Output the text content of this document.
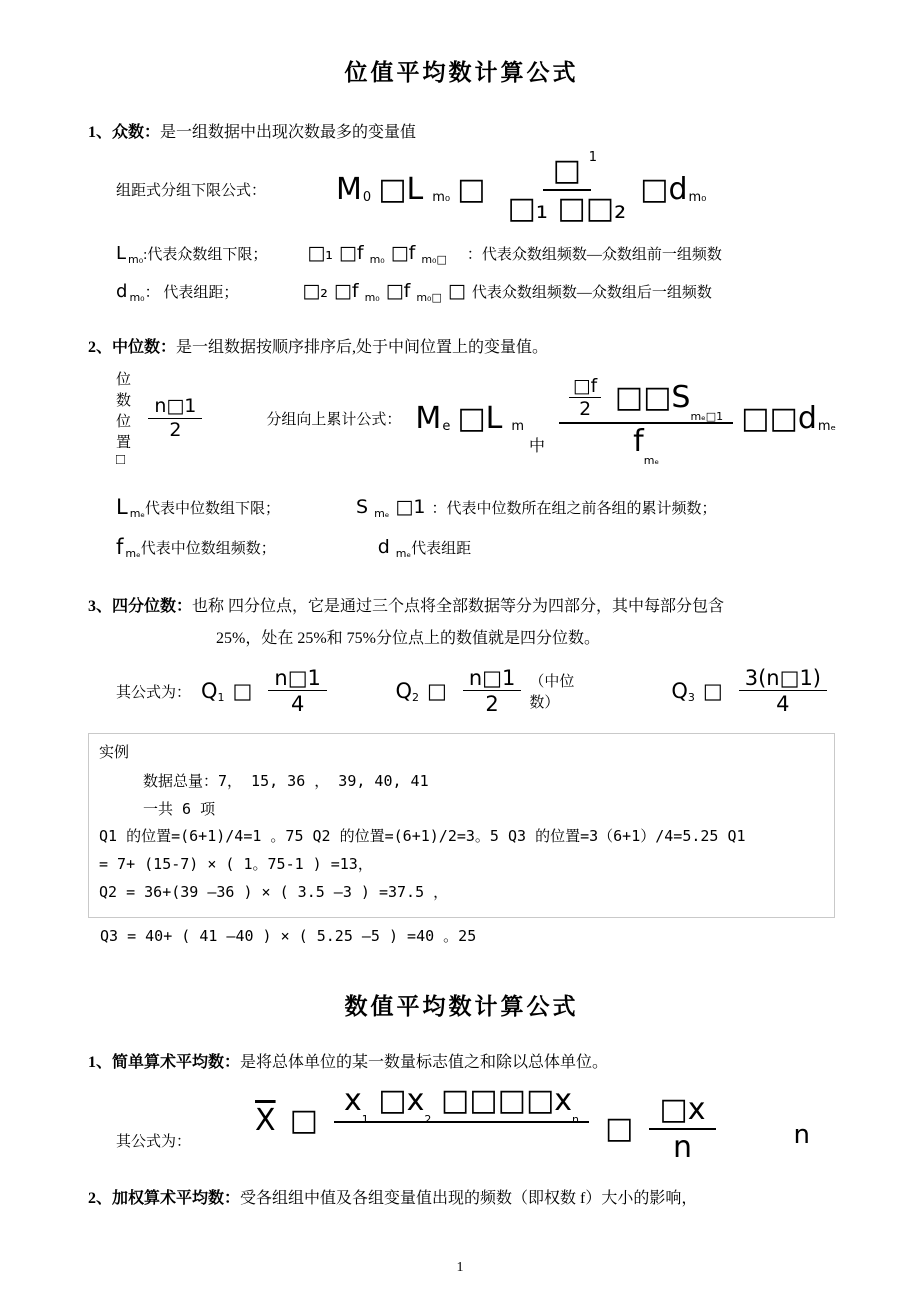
位值平均数计算公式

1、众数：是一组数据中出现次数最多的变量值

组距式分组下限公式： $M_0$ □L $_{m_0}$ □ $\frac{□ 1}{\text{□₁ □□₂}}$ $□d_{m_0}$

$L_{m_0}$ :代表众数组下限； □₁ □f $_{m_0}$ □f $_{m_0□}$ ：代表众数组频数—众数组前一组频数

$d_{m_0}$ ： 代表组距；	□₂ □f $_{m_0}$ □f $_{m_0□}$ □ 代表众数组频数—众数组后一组频数

2、中位数：是一组数据按顺序排序后,处于中间位置上的变量值。

位数位置 □
$\frac{n□1}{2}$	分组向上累计公式： $M_e$ □L $_m$
中 $\frac{\frac{□f}{2} □□S_{m_e□1}}{f_{m_e}}$ $□□d_{m_e}$

$L_{m_e}$ 代表中位数组下限；	S $_{m_e}$ □1 ：代表中位数所在组之前各组的累计频数；

$f_{m_e}$ 代表中位数组频数；	d $_{m_e}$ 代表组距

3、四分位数：也称 四分位点，它是通过三个点将全部数据等分为四部分，其中每部分包含

25%，处在 25%和 75%分位点上的数值就是四分位数。

其公式为： $Q_1$ □ $\frac{n□1}{4}$	$Q_2$ □ $\frac{n□1}{2}$ （中位数）	$Q_3$ □ $\frac{3(n□1)}{4}$
实例
数据总量：7， 15, 36 ， 39, 40, 41
一共 6 项
Q1 的位置=(6+1)/4=1 。75 Q2 的位置=(6+1)/2=3。5 Q3 的位置=3（6+1）/4=5.25 Q1
= 7+ (15-7) × ( 1。75-1 ) =13，
Q2 = 36+(39 —36 ) × ( 3.5 —3 ) =37.5 ，
Q3 = 40+ ( 41 —40 ) × ( 5.25 —5 ) =40 。25
数值平均数计算公式

1、简单算术平均数：是将总体单位的某一数量标志值之和除以总体单位。

其公式为：
$\overline{X}$ □
$x_1$ $□x_2$ $□□□□x_n$
□ $\frac{□x}{n}$	n

2、加权算术平均数：受各组组中值及各组变量值出现的频数（即权数 f）大小的影响，

1
